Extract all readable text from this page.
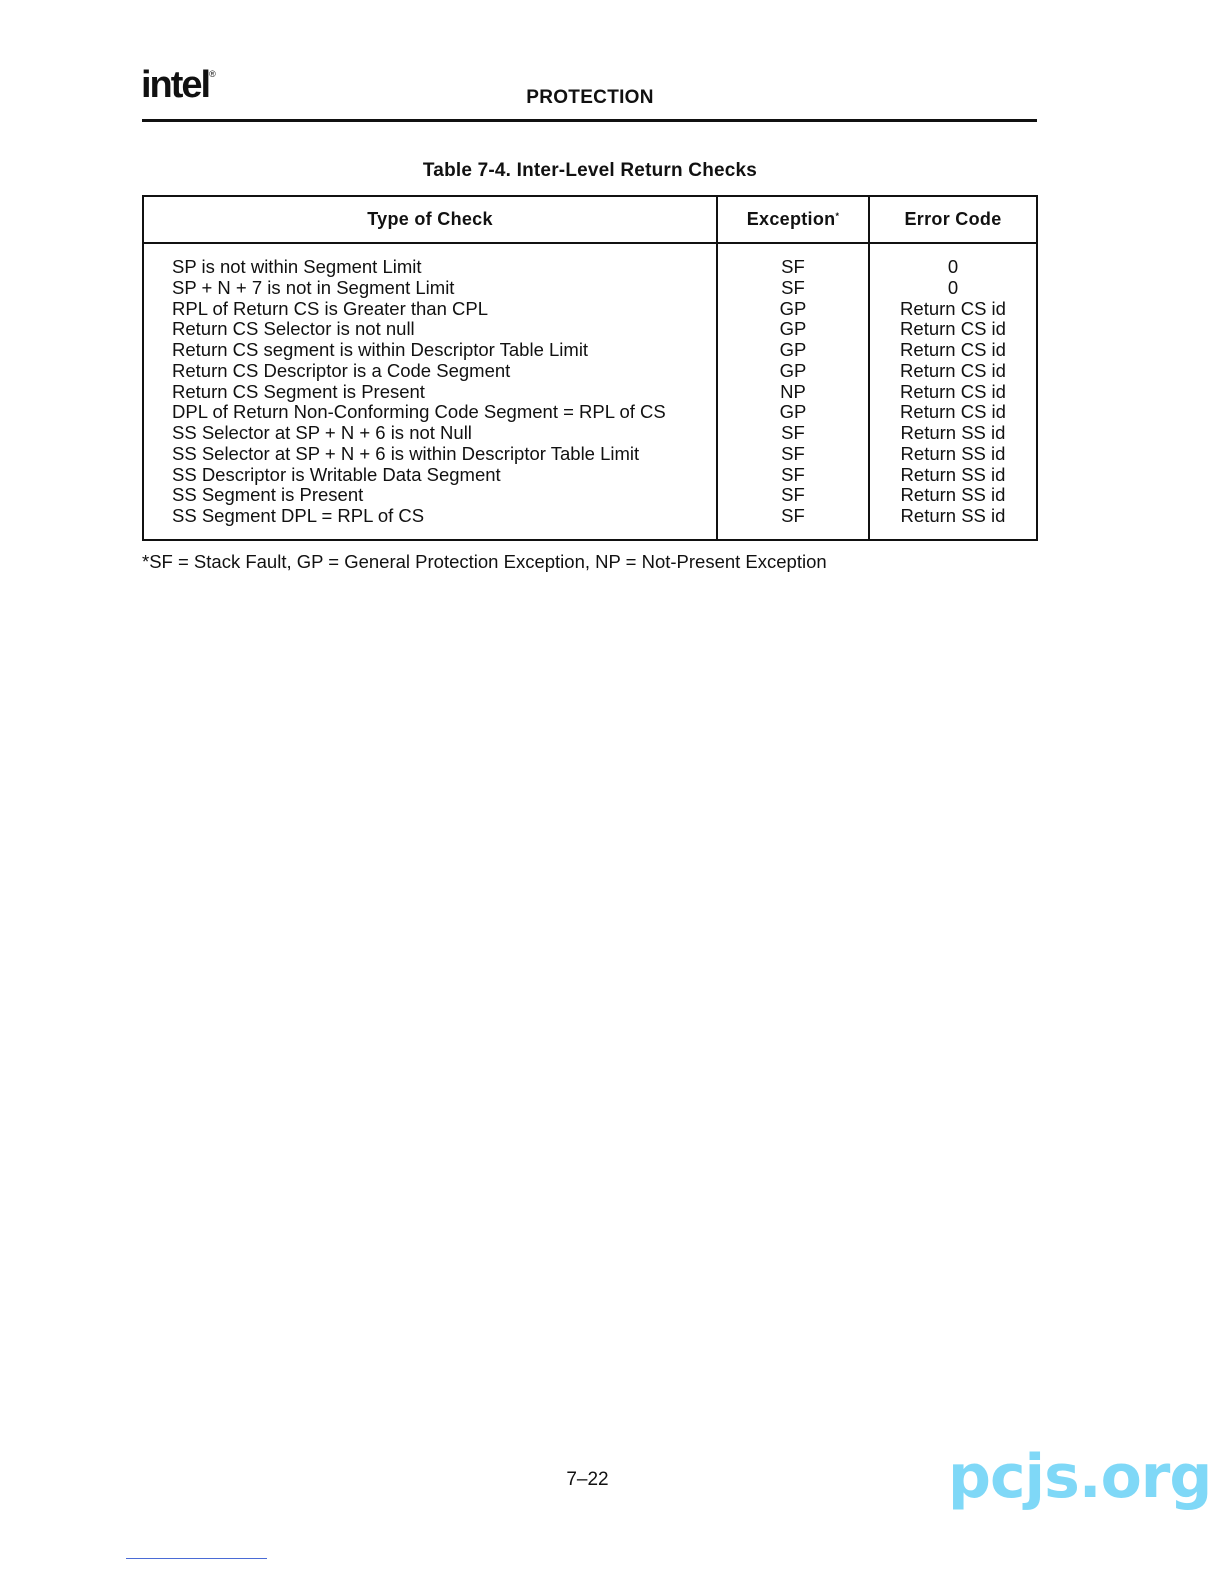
intel®
PROTECTION
Table 7-4. Inter-Level Return Checks
Type of Check	Exception*	Error Code
SP is not within Segment Limit	SF	0
SP + N + 7 is not in Segment Limit	SF	0
RPL of Return CS is Greater than CPL	GP	Return CS id
Return CS Selector is not null	GP	Return CS id
Return CS segment is within Descriptor Table Limit	GP	Return CS id
Return CS Descriptor is a Code Segment	GP	Return CS id
Return CS Segment is Present	NP	Return CS id
DPL of Return Non-Conforming Code Segment = RPL of CS	GP	Return CS id
SS Selector at SP + N + 6 is not Null	SF	Return SS id
SS Selector at SP + N + 6 is within Descriptor Table Limit	SF	Return SS id
SS Descriptor is Writable Data Segment	SF	Return SS id
SS Segment is Present	SF	Return SS id
SS Segment DPL = RPL of CS	SF	Return SS id
*SF = Stack Fault, GP = General Protection Exception, NP = Not-Present Exception
7–22	pcjs.org
